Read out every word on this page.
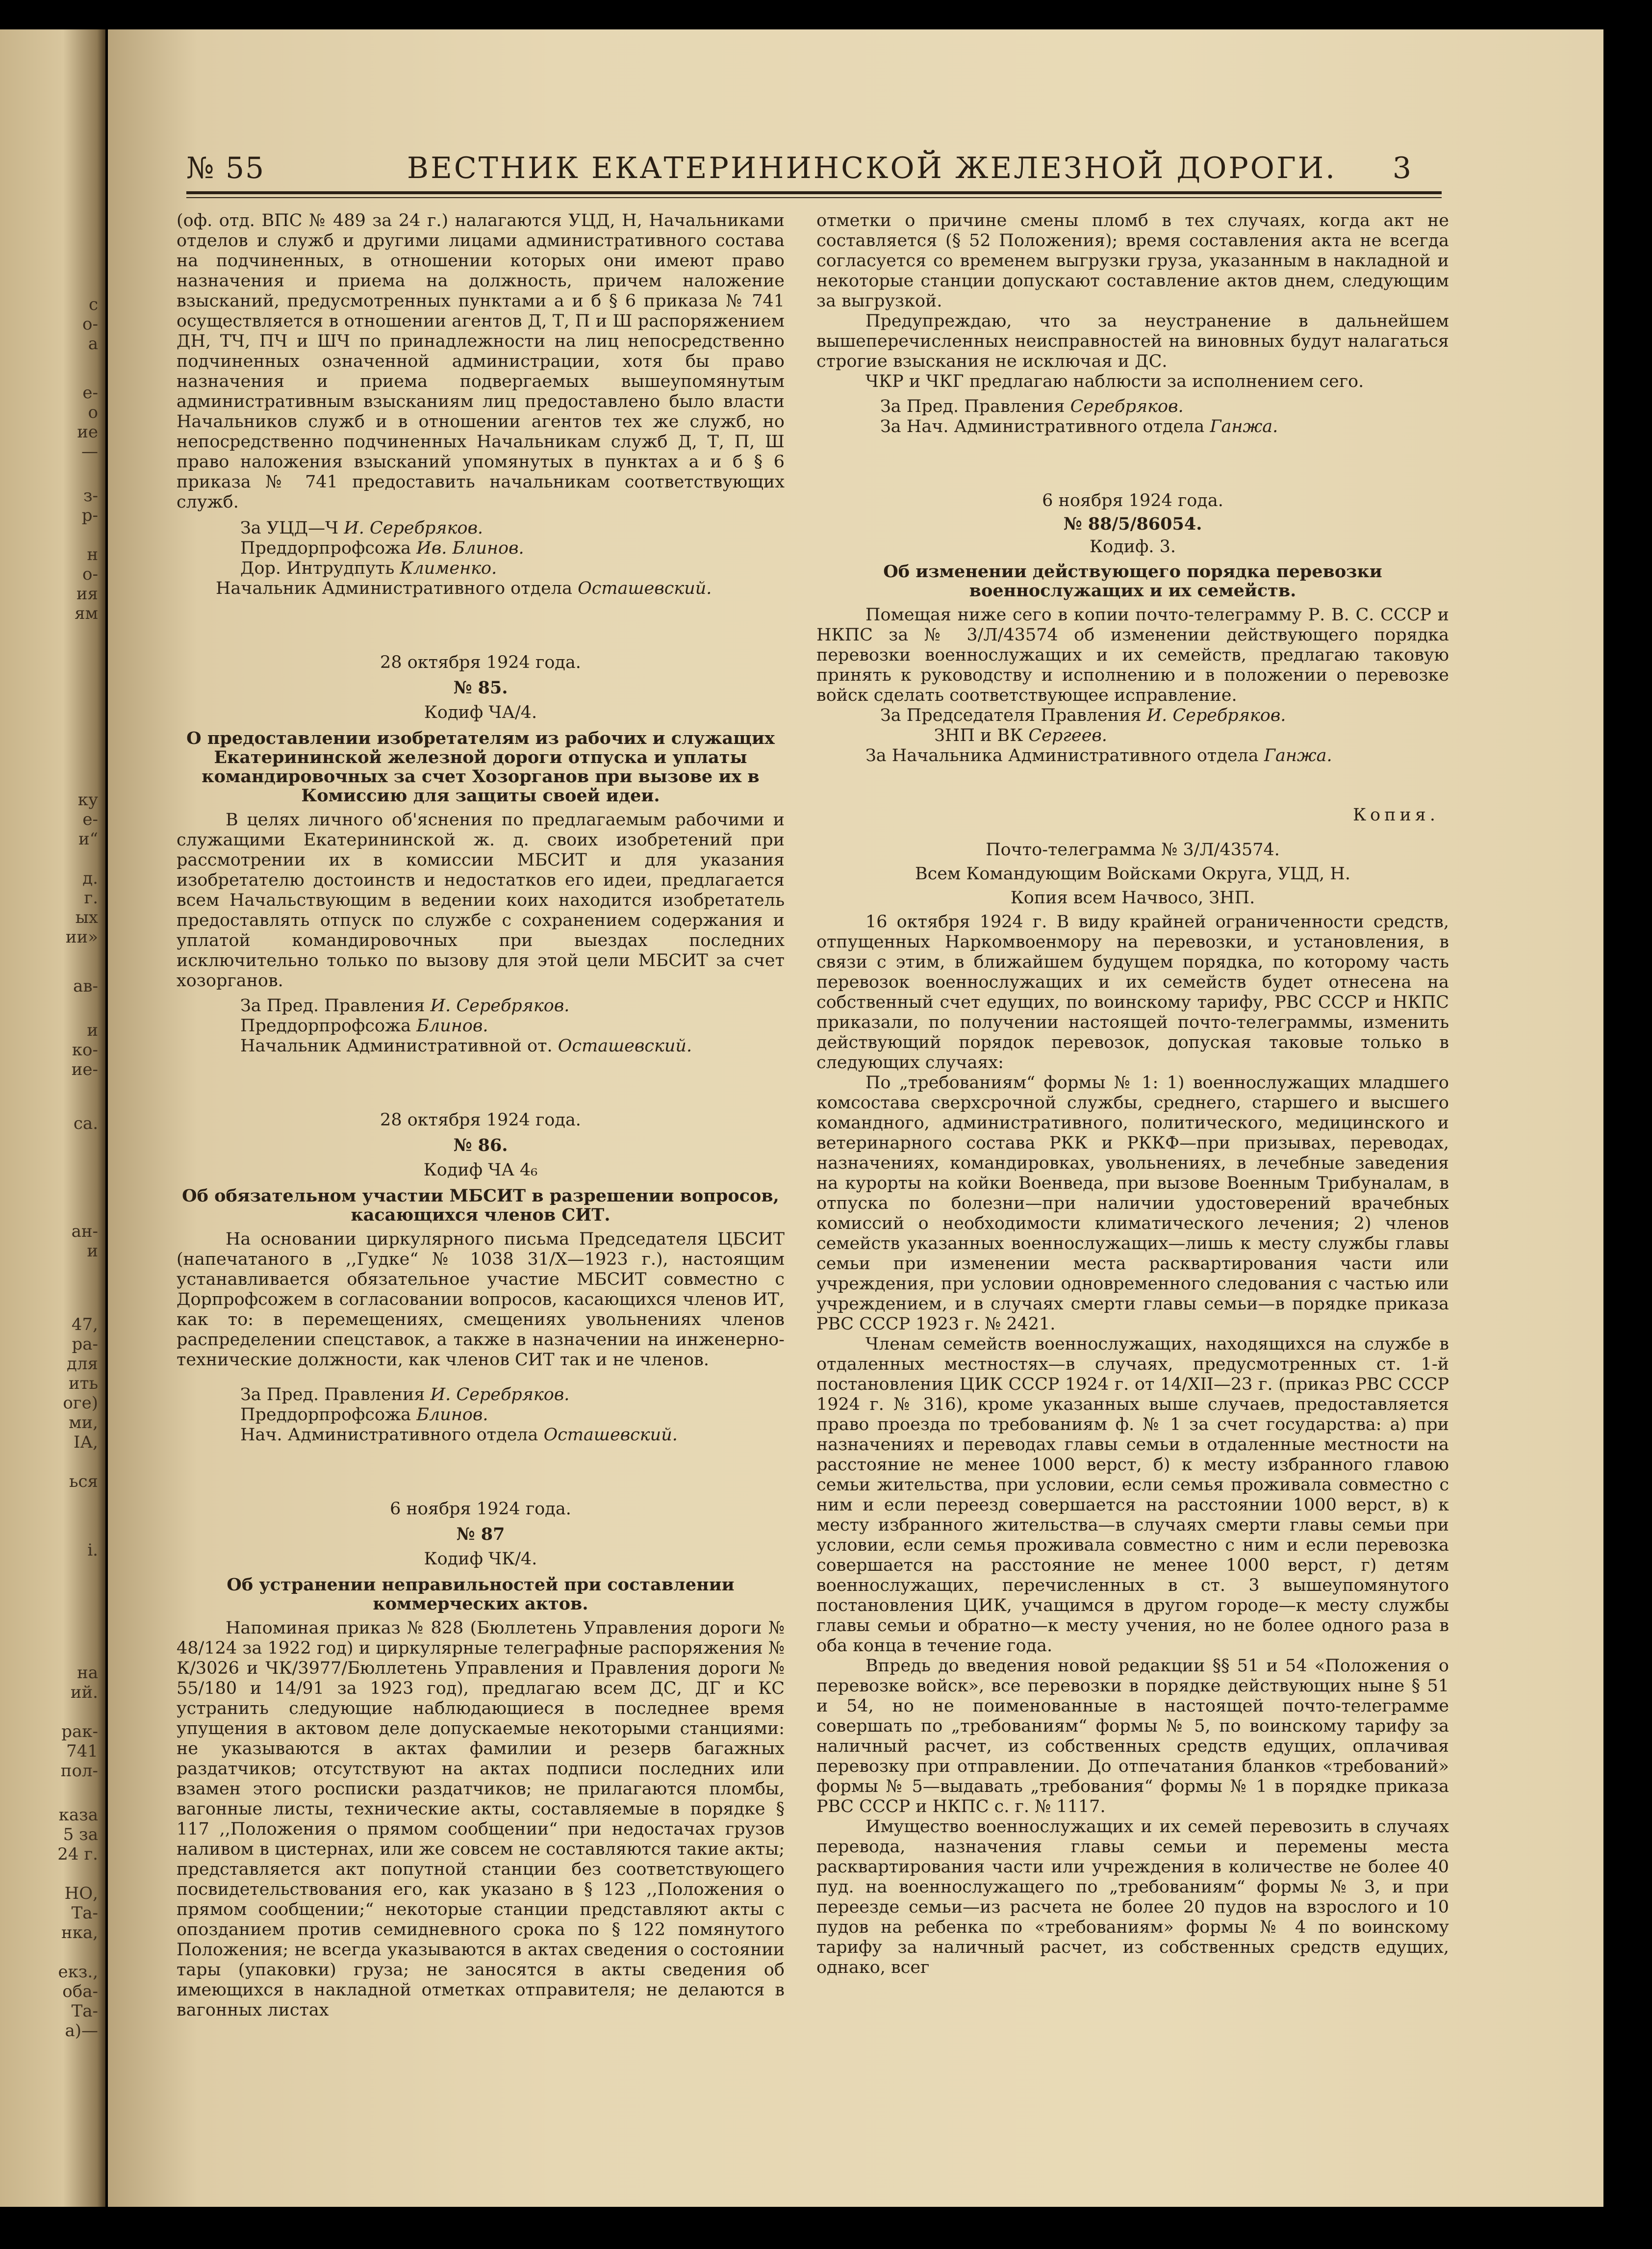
№ 55	ВЕСТНИК ЕКАТЕРИНИНСКОЙ ЖЕЛЕЗНОЙ ДОРОГИ. 3

(оф. отд. ВПС № 489 за 24 г.) налагаются УЦД, Н, Начальниками отделов и служб и другими лицами административного состава на подчиненных, в отношении которых они имеют право назначения и приема на должность, причем наложение взысканий, предусмотренных пунктами а и б § 6 приказа № 741 осуществляется в отношении агентов Д, Т, П и Ш распоряжением ДН, ТЧ, ПЧ и ШЧ по принадлежности на лиц непосредственно подчиненных означенной администрации, хотя бы право назначения и приема подвергаемых вышеупомянутым административным взысканиям лиц предоставлено было власти Начальников служб и в отношении агентов тех же служб, но непосредственно подчиненных Начальникам служб Д, Т, П, Ш право наложения взысканий упомянутых в пунктах а и б § 6 приказа № 741 предоставить начальникам соответствующих служб.

За УЦД—Ч И. Серебряков.

Преддорпрофсожа Ив. Блинов.

Дор. Интрудпуть Клименко.

Начальник Административного отдела Осташевский.

28 октября 1924 года.

№ 85.

Кодиф ЧА/4.

О предоставлении изобретателям из рабочих и служащих Екатерининской железной дороги отпуска и уплаты командировочных за счет Хозорганов при вызове их в Комиссию для защиты своей идеи.

В целях личного об'яснения по предлагаемым рабочими и служащими Екатерининской ж. д. своих изобретений при рассмотрении их в комиссии МБСИТ и для указания изобретателю достоинств и недостатков его идеи, предлагается всем Начальствующим в ведении коих находится изобретатель предоставлять отпуск по службе с сохранением содержания и уплатой командировочных при выездах последних исключительно только по вызову для этой цели МБСИТ за счет хозорганов.

За Пред. Правления И. Серебряков.

Преддорпрофсожа Блинов.

Начальник Административной от. Осташевский.

28 октября 1924 года.

№ 86.

Кодиф ЧА 4₆

Об обязательном участии МБСИТ в разрешении вопросов, касающихся членов СИТ.

На основании циркулярного письма Председателя ЦБСИТ (напечатаного в ,,Гудке“ № 1038 31/Х—1923 г.), настоящим устанавливается обязательное участие МБСИТ совместно с Дорпрофсожем в согласовании вопросов, касающихся членов ИТ, как то: в перемещениях, смещениях увольнениях членов распределении спецставок, а также в назначении на инженерно-технические должности, как членов СИТ так и не членов.

За Пред. Правления И. Серебряков.

Преддорпрофсожа Блинов.

Нач. Административного отдела Осташевский.

6 ноября 1924 года.

№ 87

Кодиф ЧК/4.

Об устранении неправильностей при составлении коммерческих актов.

Напоминая приказ № 828 (Бюллетень Управления дороги № 48/124 за 1922 год) и циркулярные телеграфные распоряжения № К/3026 и ЧК/3977/Бюллетень Управления и Правления дороги № 55/180 и 14/91 за 1923 год), предлагаю всем ДС, ДГ и КС устранить следующие наблюдающиеся в последнее время упущения в актовом деле допускаемые некоторыми станциями: не указываются в актах фамилии и резерв багажных раздатчиков; отсутствуют на актах подписи последних или взамен этого росписки раздатчиков; не прилагаются пломбы, вагонные листы, технические акты, составляемые в порядке § 117 ,,Положения о прямом сообщении“ при недостачах грузов наливом в цистернах, или же совсем не составляются такие акты; представляется акт попутной станции без соответствующего посвидетельствования его, как указано в § 123 ,,Положения о прямом сообщении;“ некоторые станции представляют акты с опозданием против семидневного срока по § 122 помянутого Положения; не всегда указываются в актах сведения о состоянии тары (упаковки) груза; не заносятся в акты сведения об имеющихся в накладной отметках отправителя; не делаются в вагонных листах

отметки о причине смены пломб в тех случаях, когда акт не составляется (§ 52 Положения); время составления акта не всегда согласуется со временем выгрузки груза, указанным в накладной и некоторые станции допускают составление актов днем, следующим за выгрузкой.

Предупреждаю, что за неустранение в дальнейшем вышеперечисленных неисправностей на виновных будут налагаться строгие взыскания не исключая и ДС.

ЧКР и ЧКГ предлагаю наблюсти за исполнением сего.

За Пред. Правления Серебряков.

За Нач. Административного отдела Ганжа.

6 ноября 1924 года.

№ 88/5/86054.

Кодиф. 3.

Об изменении действующего порядка перевозки военнослужащих и их семейств.

Помещая ниже сего в копии почто-телеграмму Р. В. С. СССР и НКПС за № 3/Л/43574 об изменении действующего порядка перевозки военнослужащих и их семейств, предлагаю таковую принять к руководству и исполнению и в положении о перевозке войск сделать соответствующее исправление.

За Председателя Правления И. Серебряков.

ЗНП и ВК Сергеев.

За Начальника Административного отдела Ганжа.

Копия.

Почто-телеграмма № 3/Л/43574.

Всем Командующим Войсками Округа, УЦД, Н.

Копия всем Начвосо, ЗНП.

16 октября 1924 г. В виду крайней ограниченности средств, отпущенных Наркомвоенмору на перевозки, и установления, в связи с этим, в ближайшем будущем порядка, по которому часть перевозок военнослужащих и их семейств будет отнесена на собственный счет едущих, по воинскому тарифу, РВС СССР и НКПС приказали, по получении настоящей почто-телеграммы, изменить действующий порядок перевозок, допуская таковые только в следующих случаях:

По „требованиям“ формы № 1: 1) военнослужащих младшего комсостава сверхсрочной службы, среднего, старшего и высшего командного, административного, политического, медицинского и ветеринарного состава РКК и РККФ—при призывах, переводах, назначениях, командировках, увольнениях, в лечебные заведения на курорты на койки Военведа, при вызове Военным Трибуналам, в отпуска по болезни—при наличии удостоверений врачебных комиссий о необходимости климатического лечения; 2) членов семейств указанных военнослужащих—лишь к месту службы главы семьи при изменении места расквартирования части или учреждения, при условии одновременного следования с частью или учреждением, и в случаях смерти главы семьи—в порядке приказа РВС СССР 1923 г. № 2421.

Членам семейств военнослужащих, находящихся на службе в отдаленных местностях—в случаях, предусмотренных ст. 1-й постановления ЦИК СССР 1924 г. от 14/XII—23 г. (приказ РВС СССР 1924 г. № 316), кроме указанных выше случаев, предоставляется право проезда по требованиям ф. № 1 за счет государства: а) при назначениях и переводах главы семьи в отдаленные местности на расстояние не менее 1000 верст, б) к месту избранного главою семьи жительства, при условии, если семья проживала совместно с ним и если переезд совершается на расстоянии 1000 верст, в) к месту избранного жительства—в случаях смерти главы семьи при условии, если семья проживала совместно с ним и если перевозка совершается на расстояние не менее 1000 верст, г) детям военнослужащих, перечисленных в ст. 3 вышеупомянутого постановления ЦИК, учащимся в другом городе—к месту службы главы семьи и обратно—к месту учения, но не более одного раза в оба конца в течение года.

Впредь до введения новой редакции §§ 51 и 54 «Положения о перевозке войск», все перевозки в порядке действующих ныне § 51 и 54, но не поименованные в настоящей почто-телеграмме совершать по „требованиям“ формы № 5, по воинскому тарифу за наличный расчет, из собственных средств едущих, оплачивая перевозку при отправлении. До отпечатания бланков «требований» формы № 5—выдавать „требования“ формы № 1 в порядке приказа РВС СССР и НКПС с. г. № 1117.

Имущество военнослужащих и их семей перевозить в случаях перевода, назначения главы семьи и перемены места расквартирования части или учреждения в количестве не более 40 пуд. на военнослужащего по „требованиям“ формы № 3, и при переезде семьи—из расчета не более 20 пудов на взрослого и 10 пудов на ребенка по «требованиям» формы № 4 по воинскому тарифу за наличный расчет, из собственных средств едущих, однако, всег

с
о-
а
е-
о
ие
—
з-
р-
н
о-
ия
ям
ку
е-
и“
д.
г.
ых
ии»
ав-
и
ко-
ие-
са.
ан-
и
47,
ра-
для
ить
оге)
ми,
ІА,
ься
і.
на
ий.
рак-
741
пол-
каза
5 за
24 г.
НО,
Та-
нка,
екз.,
оба-
Та-
а)—
